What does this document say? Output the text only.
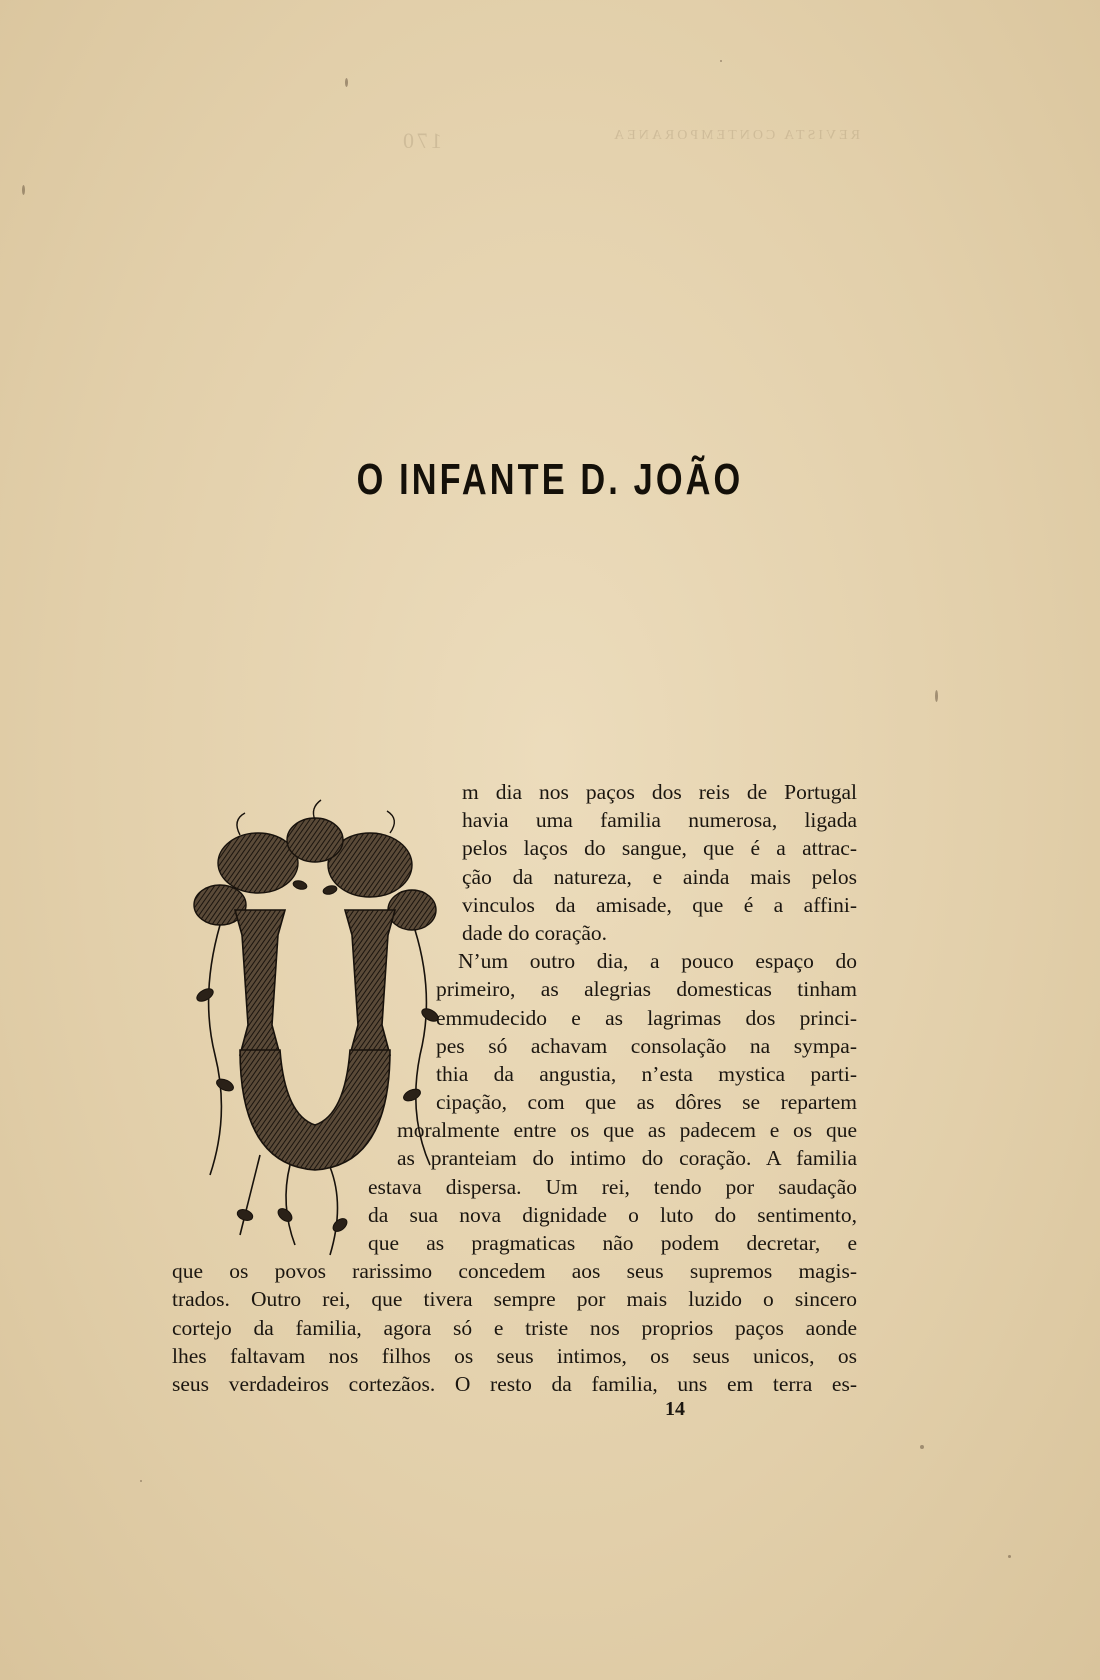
REVISTA CONTEMPORANEA
170
O INFANTE D. JOÃO
m dia nos paços dos reis de Portugal
havia uma familia numerosa, ligada
pelos laços do sangue, que é a attrac-
ção da natureza, e ainda mais pelos
vinculos da amisade, que é a affini-
dade do coração.
N’um outro dia, a pouco espaço do
primeiro, as alegrias domesticas tinham
emmudecido e as lagrimas dos princi-
pes só achavam consolação na sympa-
thia da angustia, n’esta mystica parti-
cipação, com que as dôres se repartem
moralmente entre os que as padecem e os que
as pranteiam do intimo do coração. A familia
estava dispersa. Um rei, tendo por saudação
da sua nova dignidade o luto do sentimento,
que as pragmaticas não podem decretar, e
que os povos rarissimo concedem aos seus supremos magis-
trados. Outro rei, que tivera sempre por mais luzido o sincero
cortejo da familia, agora só e triste nos proprios paços aonde
lhes faltavam nos filhos os seus intimos, os seus unicos, os
seus verdadeiros cortezãos. O resto da familia, uns em terra es-
14
